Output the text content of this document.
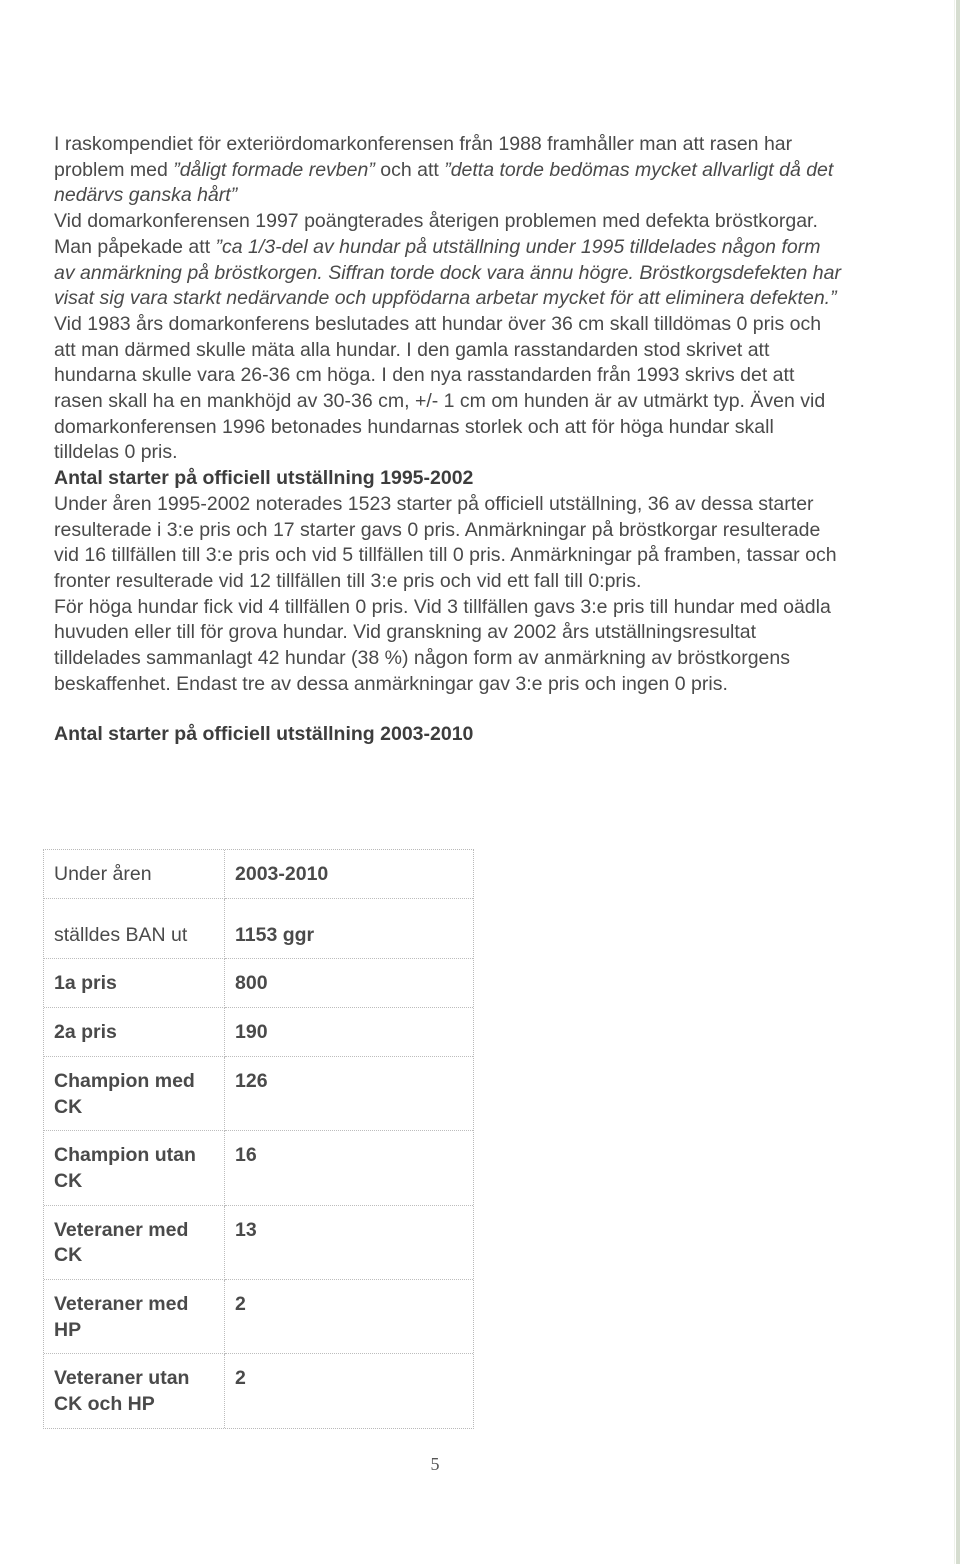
I raskompendiet för exteriördomarkonferensen från 1988 framhåller man att rasen har problem med ”dåligt formade revben” och att ”detta torde bedömas mycket allvarligt då det nedärvs ganska hårt”

Vid domarkonferensen 1997 poängterades återigen problemen med defekta bröstkorgar. Man påpekade att ”ca 1/3-del av hundar på utställning under 1995 tilldelades någon form av anmärkning på bröstkorgen. Siffran torde dock vara ännu högre. Bröstkorgsdefekten har visat sig vara starkt nedärvande och uppfödarna arbetar mycket för att eliminera defekten.”

Vid 1983 års domarkonferens beslutades att hundar över 36 cm skall tilldömas 0 pris och att man därmed skulle mäta alla hundar. I den gamla rasstandarden stod skrivet att hundarna skulle vara 26-36 cm höga. I den nya rasstandarden från 1993 skrivs det att rasen skall ha en mankhöjd av 30-36 cm, +/- 1 cm om hunden är av utmärkt typ. Även vid domarkonferensen 1996 betonades hundarnas storlek och att för höga hundar skall tilldelas 0 pris.

Antal starter på officiell utställning 1995-2002

Under åren 1995-2002 noterades 1523 starter på officiell utställning, 36 av dessa starter resulterade i 3:e pris och 17 starter gavs 0 pris. Anmärkningar på bröstkorgar resulterade vid 16 tillfällen till 3:e pris och vid 5 tillfällen till 0 pris. Anmärkningar på framben, tassar och fronter resulterade vid 12 tillfällen till 3:e pris och vid ett fall till 0:pris.

För höga hundar fick vid 4 tillfällen 0 pris. Vid 3 tillfällen gavs 3:e pris till hundar med oädla huvuden eller till för grova hundar. Vid granskning av 2002 års utställningsresultat tilldelades sammanlagt 42 hundar (38 %) någon form av anmärkning av bröstkorgens beskaffenhet. Endast tre av dessa anmärkningar gav 3:e pris och ingen 0 pris.

Antal starter på officiell utställning 2003-2010

Under åren	2003-2010
ställdes BAN ut	1153 ggr
1a pris	800
2a pris	190
Champion med CK	126
Champion utan CK	16
Veteraner med CK	13
Veteraner med HP	2
Veteraner utan CK och HP	2
5
